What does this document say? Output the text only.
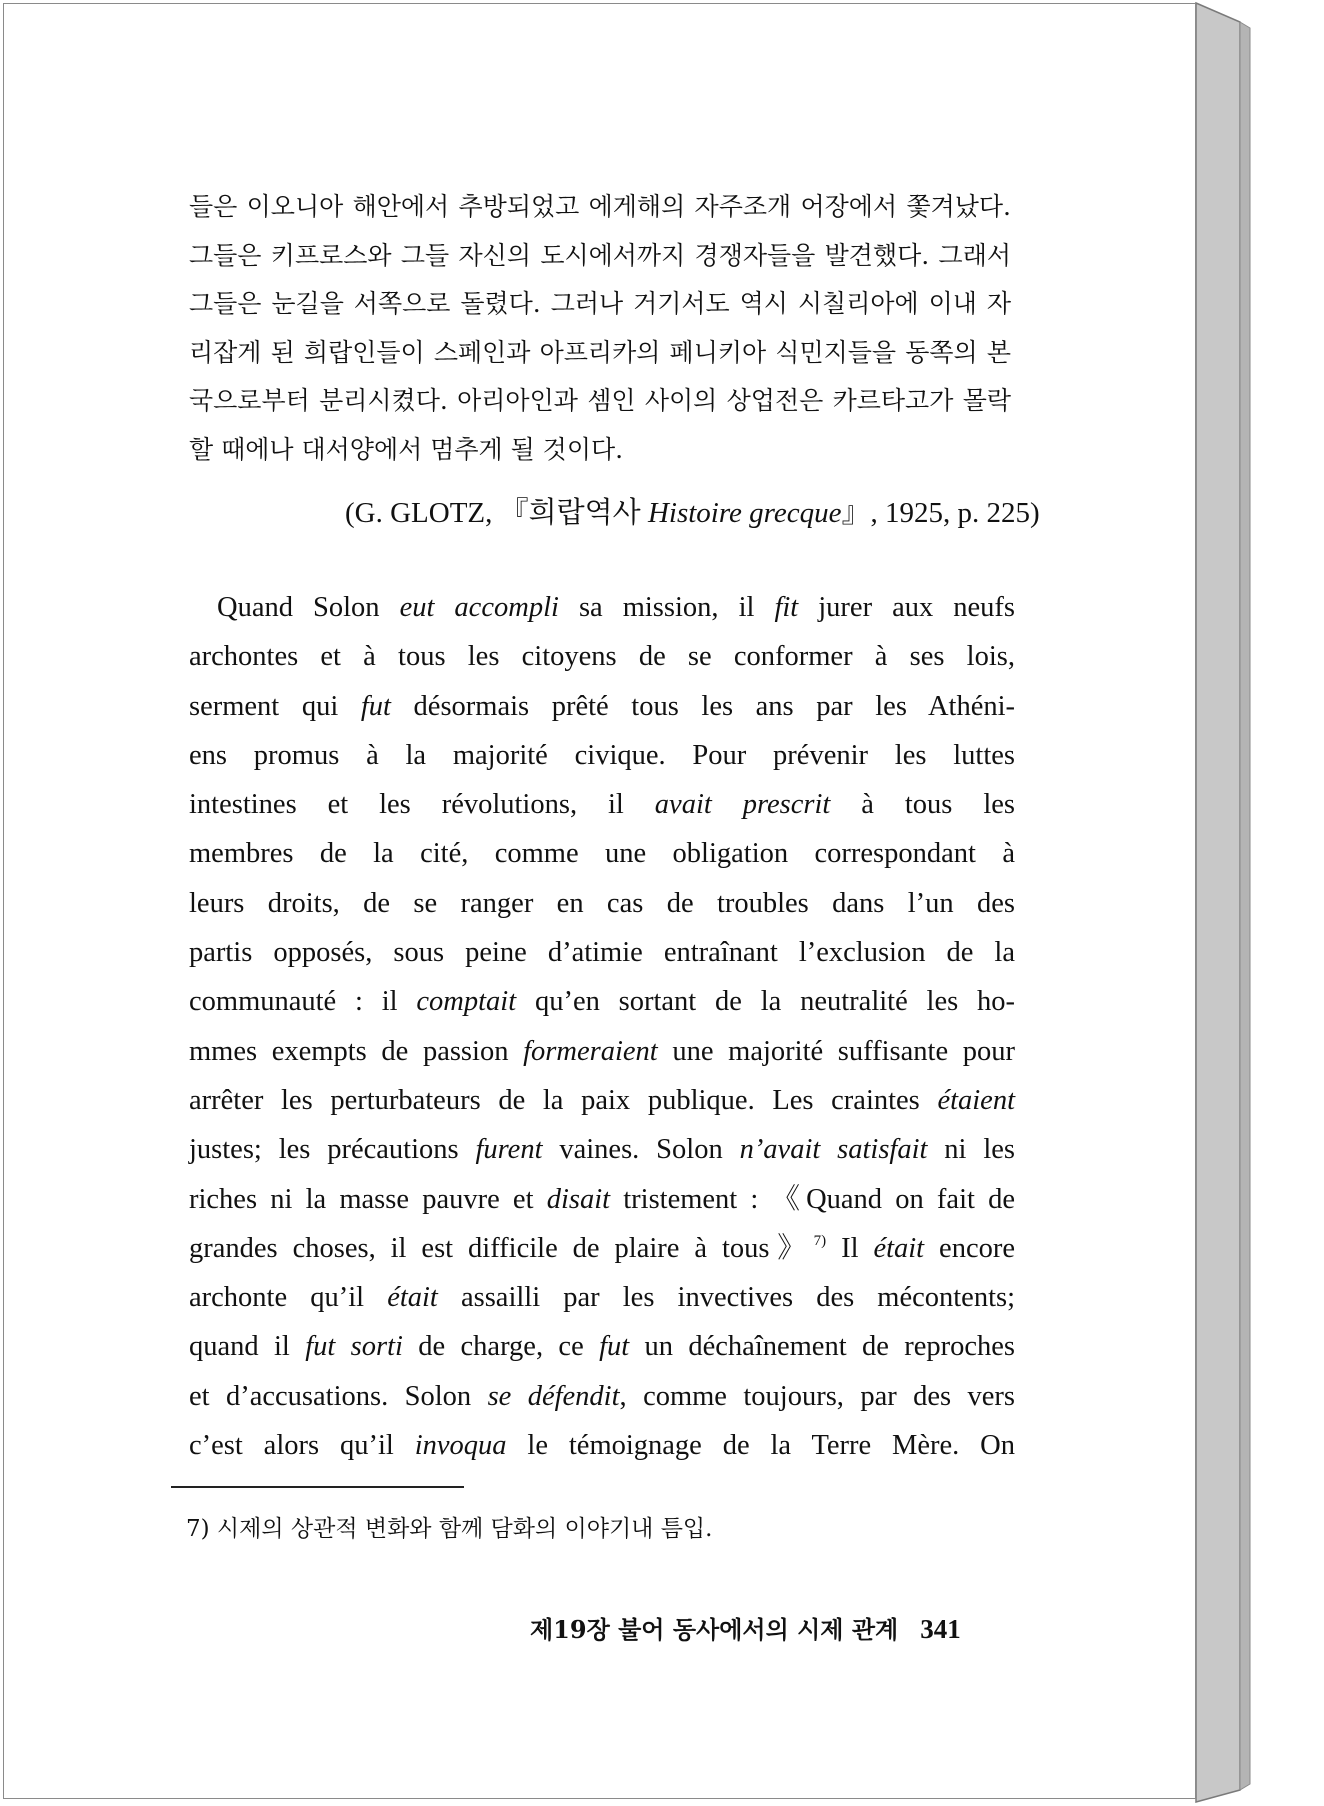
들은 이오니아 해안에서 추방되었고 에게해의 자주조개 어장에서 쫓겨났다.
그들은 키프로스와 그들 자신의 도시에서까지 경쟁자들을 발견했다. 그래서
그들은 눈길을 서쪽으로 돌렸다. 그러나 거기서도 역시 시칠리아에 이내 자
리잡게 된 희랍인들이 스페인과 아프리카의 페니키아 식민지들을 동쪽의 본
국으로부터 분리시켰다. 아리아인과 셈인 사이의 상업전은 카르타고가 몰락
할 때에나 대서양에서 멈추게 될 것이다.
(G. GLOTZ, 『희랍역사 Histoire grecque』, 1925, p. 225)
Quand Solon eut accompli sa mission, il fit jurer aux neufs
archontes et à tous les citoyens de se conformer à ses lois,
serment qui fut désormais prêté tous les ans par les Athéni-
ens promus à la majorité civique. Pour prévenir les luttes
intestines et les révolutions, il avait prescrit à tous les
membres de la cité, comme une obligation correspondant à
leurs droits, de se ranger en cas de troubles dans l’un des
partis opposés, sous peine d’atimie entraînant l’exclusion de la
communauté : il comptait qu’en sortant de la neutralité les ho-
mmes exempts de passion formeraient une majorité suffisante pour
arrêter les perturbateurs de la paix publique. Les craintes étaient
justes; les précautions furent vaines. Solon n’avait satisfait ni les
riches ni la masse pauvre et disait tristement : 《Quand on fait de
grandes choses, il est difficile de plaire à tous》$^{7)}$ Il était encore
archonte qu’il était assailli par les invectives des mécontents;
quand il fut sorti de charge, ce fut un déchaînement de reproches
et d’accusations. Solon se défendit, comme toujours, par des vers
c’est alors qu’il invoqua le témoignage de la Terre Mère. On
7) 시제의 상관적 변화와 함께 담화의 이야기내 틈입.
제19장 불어 동사에서의 시제 관계 341
